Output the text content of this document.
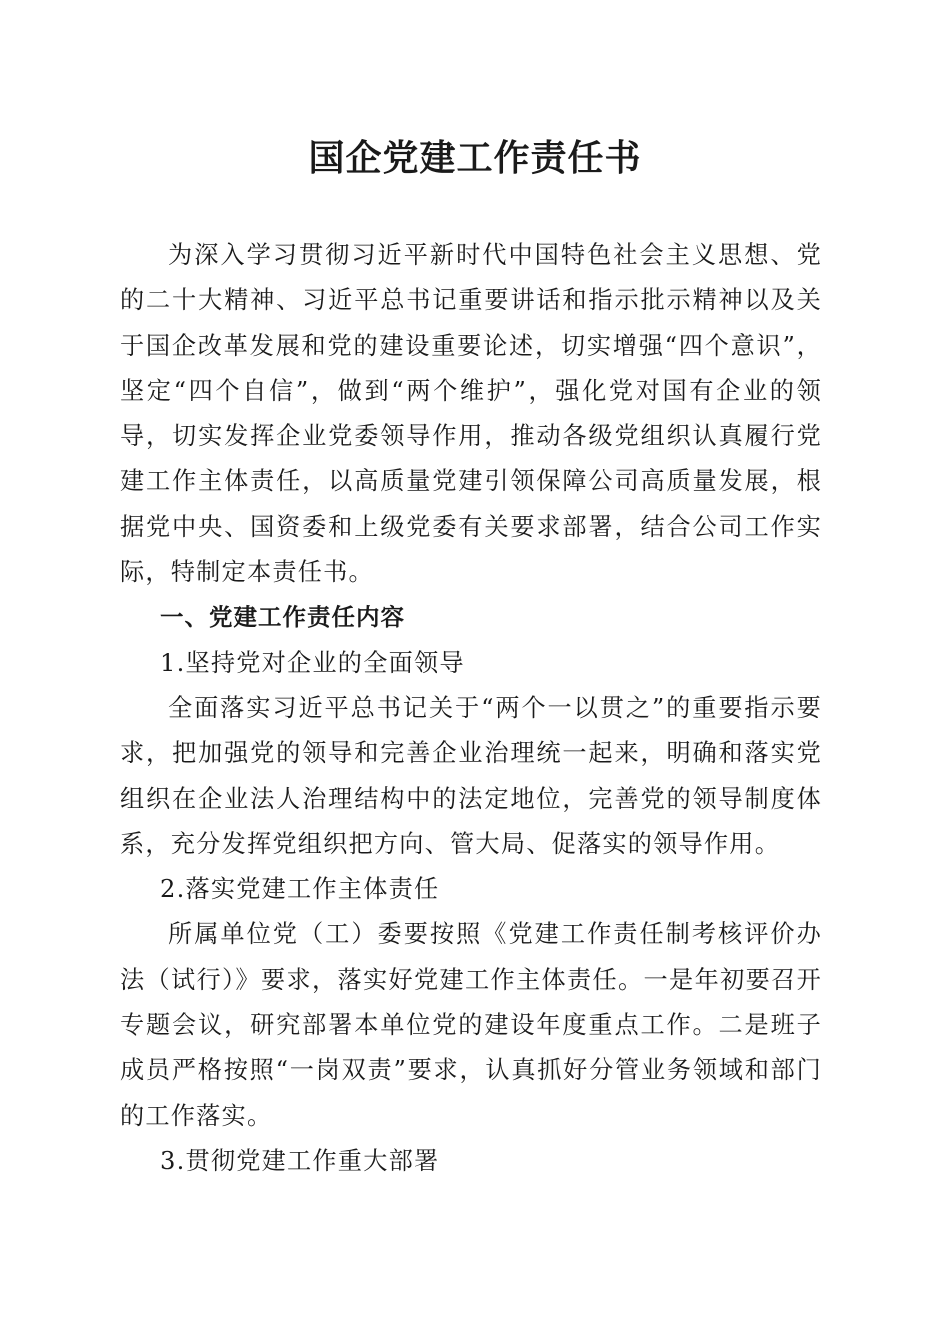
国企党建工作责任书

为深入学习贯彻习近平新时代中国特色社会主义思想、党的二十大精神、习近平总书记重要讲话和指示批示精神以及关于国企改革发展和党的建设重要论述，切实增强“四个意识”，坚定“四个自信”，做到“两个维护”，强化党对国有企业的领导，切实发挥企业党委领导作用，推动各级党组织认真履行党建工作主体责任，以高质量党建引领保障公司高质量发展，根据党中央、国资委和上级党委有关要求部署，结合公司工作实际，特制定本责任书。

一、党建工作责任内容

1.坚持党对企业的全面领导

全面落实习近平总书记关于“两个一以贯之”的重要指示要求，把加强党的领导和完善企业治理统一起来，明确和落实党组织在企业法人治理结构中的法定地位，完善党的领导制度体系，充分发挥党组织把方向、管大局、促落实的领导作用。

2.落实党建工作主体责任

所属单位党（工）委要按照《党建工作责任制考核评价办法（试行）》要求，落实好党建工作主体责任。一是年初要召开专题会议，研究部署本单位党的建设年度重点工作。二是班子成员严格按照“一岗双责”要求，认真抓好分管业务领域和部门的工作落实。

3.贯彻党建工作重大部署
